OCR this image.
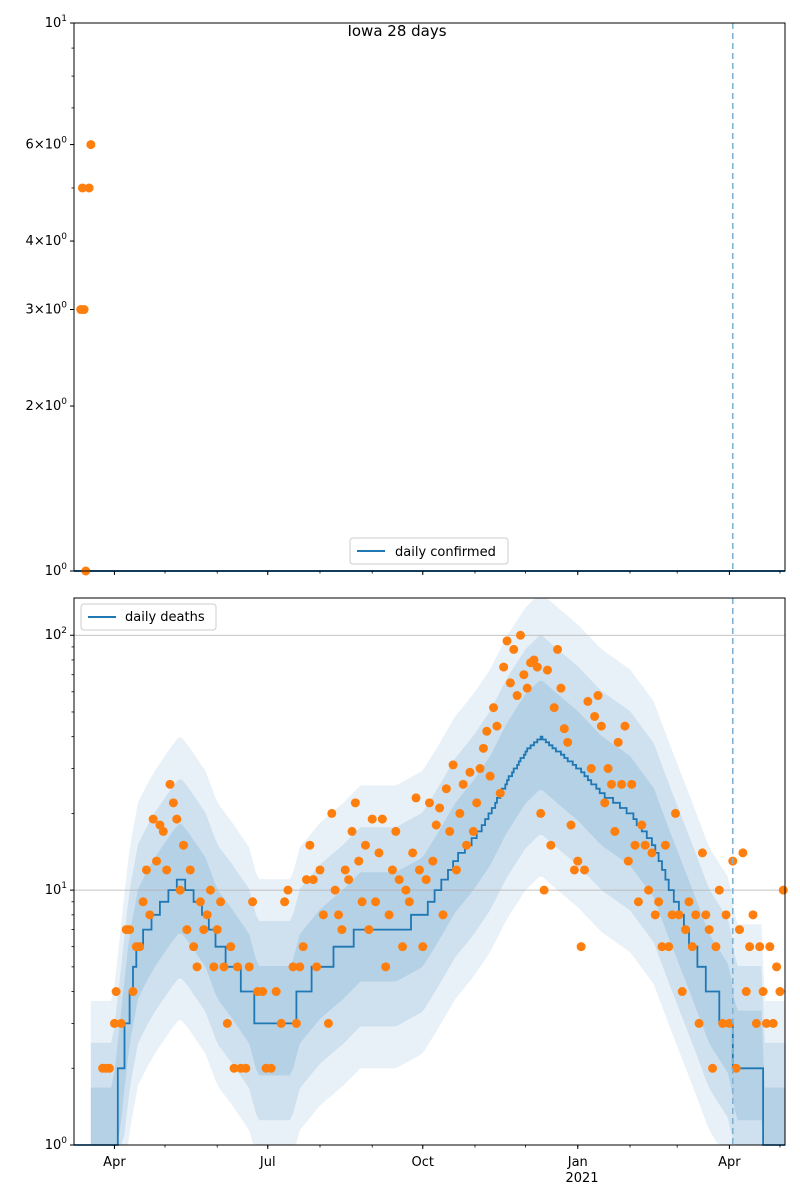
Iowa 28 days
$10^1$
$6\times 10^0$
$4\times 10^0$
$3\times 10^0$
$2\times 10^0$
$10^0$
daily confirmed
$10^0$
$10^1$
$10^2$
Apr	Jul	Oct	Jan	Apr
2021
daily deaths
